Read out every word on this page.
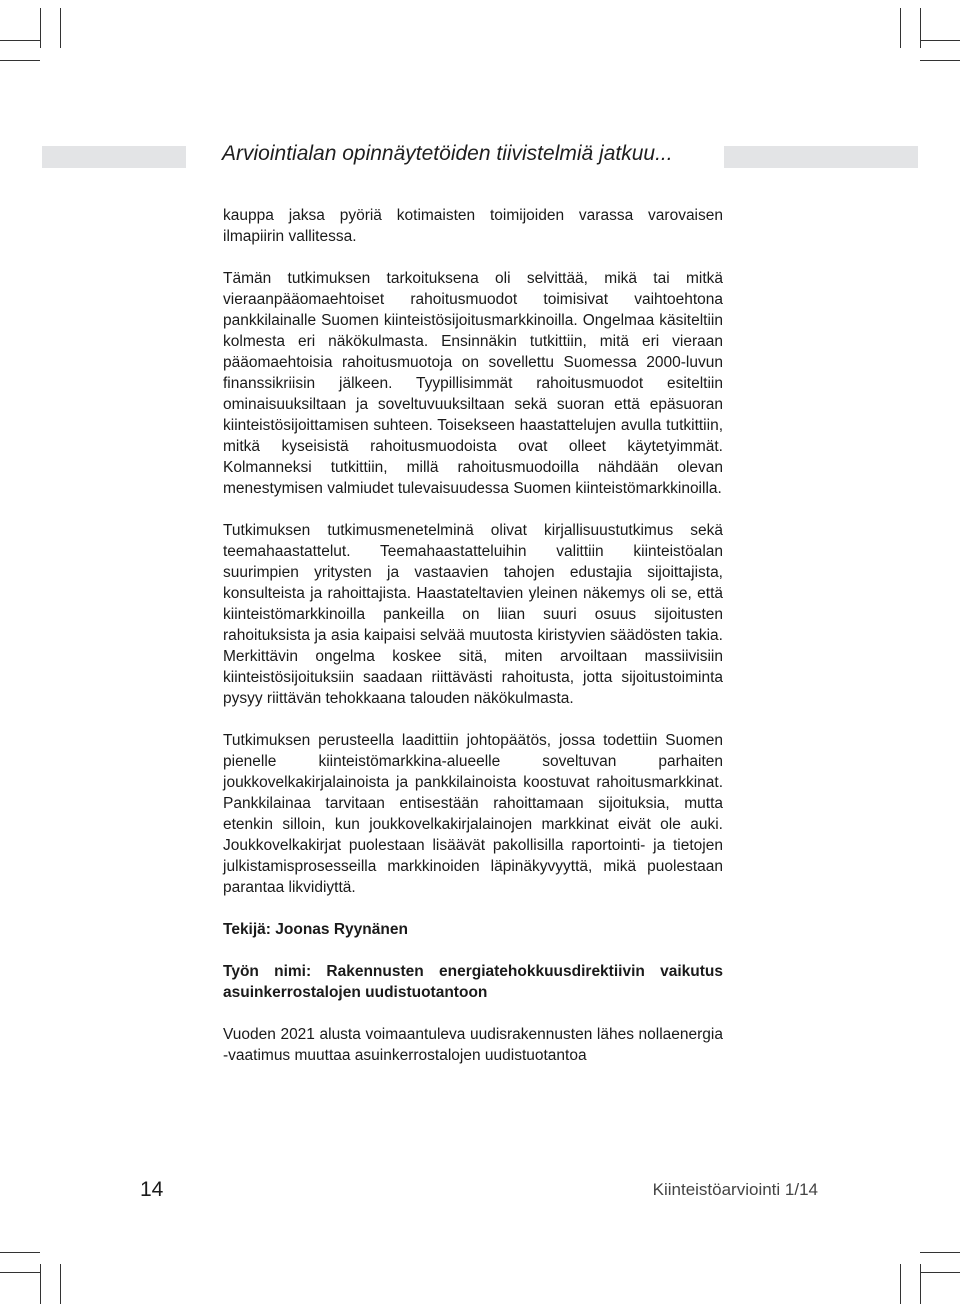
Arviointialan opinnäytetöiden tiivistelmiä jatkuu...

kauppa jaksa pyöriä kotimaisten toimijoiden varassa varovaisen ilmapiirin vallitessa.

Tämän tutkimuksen tarkoituksena oli selvittää, mikä tai mitkä vieraanpääomaehtoiset rahoitusmuodot toimisivat vaihtoehtona pankkilainalle Suomen kiinteistösijoitusmarkkinoilla. Ongelmaa käsiteltiin kolmesta eri näkökulmasta. Ensinnäkin tutkittiin, mitä eri vieraan pääomaehtoisia rahoitusmuotoja on sovellettu Suomessa 2000-luvun finanssikriisin jälkeen. Tyypillisimmät rahoitusmuodot esiteltiin ominaisuuksiltaan ja soveltuvuuksiltaan sekä suoran että epäsuoran kiinteistösijoittamisen suhteen. Toisekseen haastattelujen avulla tutkittiin, mitkä kyseisistä rahoitusmuodoista ovat olleet käytetyimmät. Kolmanneksi tutkittiin, millä rahoitusmuodoilla nähdään olevan menestymisen valmiudet tulevaisuudessa Suomen kiinteistömarkkinoilla.

Tutkimuksen tutkimusmenetelminä olivat kirjallisuustutkimus sekä teemahaastattelut. Teemahaastatteluihin valittiin kiinteistöalan suurimpien yritysten ja vastaavien tahojen edustajia sijoittajista, konsulteista ja rahoittajista. Haastateltavien yleinen näkemys oli se, että kiinteistömarkkinoilla pankeilla on liian suuri osuus sijoitusten rahoituksista ja asia kaipaisi selvää muutosta kiristyvien säädösten takia. Merkittävin ongelma koskee sitä, miten arvoiltaan massiivisiin kiinteistösijoituksiin saadaan riittävästi rahoitusta, jotta sijoitustoiminta pysyy riittävän tehokkaana talouden näkökulmasta.

Tutkimuksen perusteella laadittiin johtopäätös, jossa todettiin Suomen pienelle kiinteistömarkkina-alueelle soveltuvan parhaiten joukkovelkakirjalainoista ja pankkilainoista koostuvat rahoitusmarkkinat. Pankkilainaa tarvitaan entisestään rahoittamaan sijoituksia, mutta etenkin silloin, kun joukkovelkakirjalainojen markkinat eivät ole auki. Joukkovelkakirjat puolestaan lisäävät pakollisilla raportointi- ja tietojen julkistamisprosesseilla markkinoiden läpinäkyvyyttä, mikä puolestaan parantaa likvidiyttä.

Tekijä: Joonas Ryynänen

Työn nimi: Rakennusten energiatehokkuusdirektiivin vaikutus asuinkerrostalojen uudistuotantoon

Vuoden 2021 alusta voimaantuleva uudisrakennusten lähes nollaenergia -vaatimus muuttaa asuinkerrostalojen uudistuotantoa

14	Kiinteistöarviointi 1/14
